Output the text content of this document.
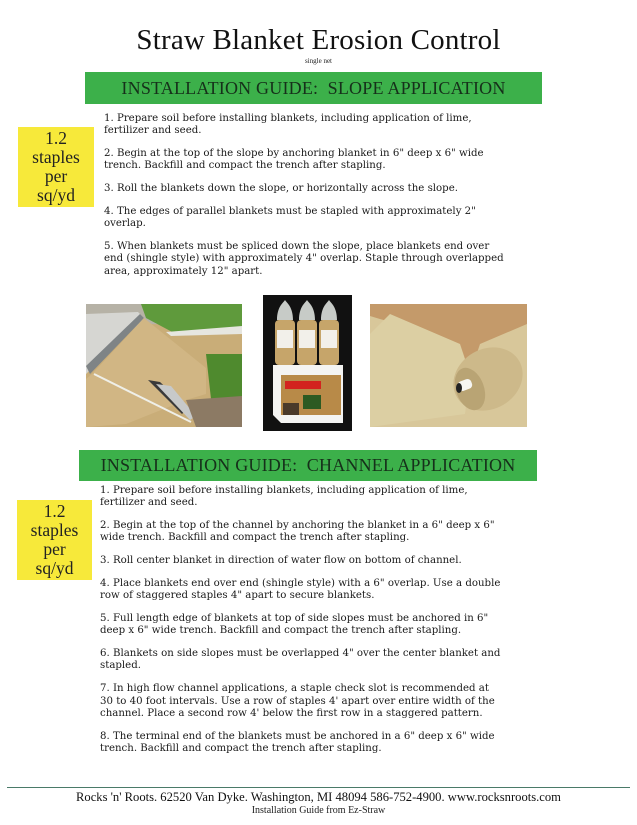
Straw Blanket Erosion Control
single net
INSTALLATION GUIDE:  SLOPE APPLICATION
1.2
staples
per
sq/yd

1. Prepare soil before installing blankets, including application of lime, fertilizer and seed.

2. Begin at the top of the slope by anchoring blanket in 6" deep x 6" wide trench. Backfill and compact the trench after stapling.

3. Roll the blankets down the slope, or horizontally across the slope.

4. The edges of parallel blankets must be stapled with approximately 2" overlap.

5. When blankets must be spliced down the slope, place blankets end over end (shingle style) with approximately 4" overlap. Staple through overlapped area, approximately 12" apart.

INSTALLATION GUIDE:  CHANNEL APPLICATION
1.2
staples
per
sq/yd

1. Prepare soil before installing blankets, including application of lime, fertilizer and seed.

2. Begin at the top of the channel by anchoring the blanket in a 6" deep x 6" wide trench. Backfill and compact the trench after stapling.

3. Roll center blanket in direction of water flow on bottom of channel.

4. Place blankets end over end (shingle style) with a 6" overlap. Use a double row of staggered staples 4" apart to secure blankets.

5. Full length edge of blankets at top of side slopes must be anchored in 6" deep x 6" wide trench. Backfill and compact the trench after stapling.

6. Blankets on side slopes must be overlapped 4" over the center blanket and stapled.

7. In high flow channel applications, a staple check slot is recommended at 30 to 40 foot intervals. Use a row of staples 4' apart over entire width of the channel. Place a second row 4' below the first row in a staggered pattern.

8. The terminal end of the blankets must be anchored in a 6" deep x 6" wide trench. Backfill and compact the trench after stapling.

Rocks 'n' Roots. 62520 Van Dyke. Washington, MI 48094 586-752-4900. www.rocksnroots.com
Installation Guide from Ez-Straw
